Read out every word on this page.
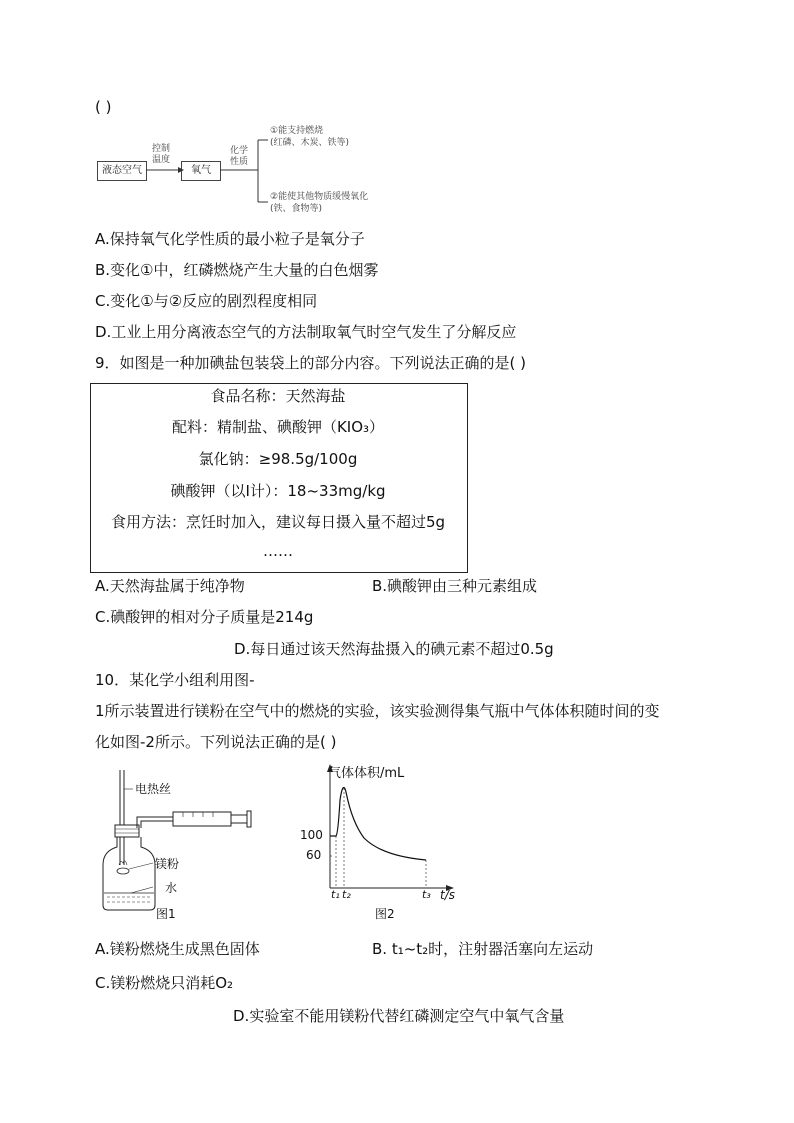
( )
液态空气
控制
温度
氧气
化学
性质
①能支持燃烧
(红磷、木炭、铁等)
②能使其他物质缓慢氧化
(铁、食物等)
A.保持氧气化学性质的最小粒子是氧分子
B.变化①中，红磷燃烧产生大量的白色烟雾
C.变化①与②反应的剧烈程度相同
D.工业上用分离液态空气的方法制取氧气时空气发生了分解反应
9．如图是一种加碘盐包装袋上的部分内容。下列说法正确的是( )
食品名称：天然海盐
配料：精制盐、碘酸钾（KIO₃）
氯化钠：≥98.5g/100g
碘酸钾（以I计）：18~33mg/kg
食用方法：烹饪时加入，建议每日摄入量不超过5g
……
A.天然海盐属于纯净物	B.碘酸钾由三种元素组成
C.碘酸钾的相对分子质量是214g
D.每日通过该天然海盐摄入的碘元素不超过0.5g
10．某化学小组利用图-
1所示装置进行镁粉在空气中的燃烧的实验，该实验测得集气瓶中气体体积随时间的变
化如图-2所示。下列说法正确的是( )
电热丝
镁粉
水
图1
气体体积/mL
100
60
t₁ t₂	t₃ t/s
图2
A.镁粉燃烧生成黑色固体	B. t₁~t₂时，注射器活塞向左运动
C.镁粉燃烧只消耗O₂
D.实验室不能用镁粉代替红磷测定空气中氧气含量
